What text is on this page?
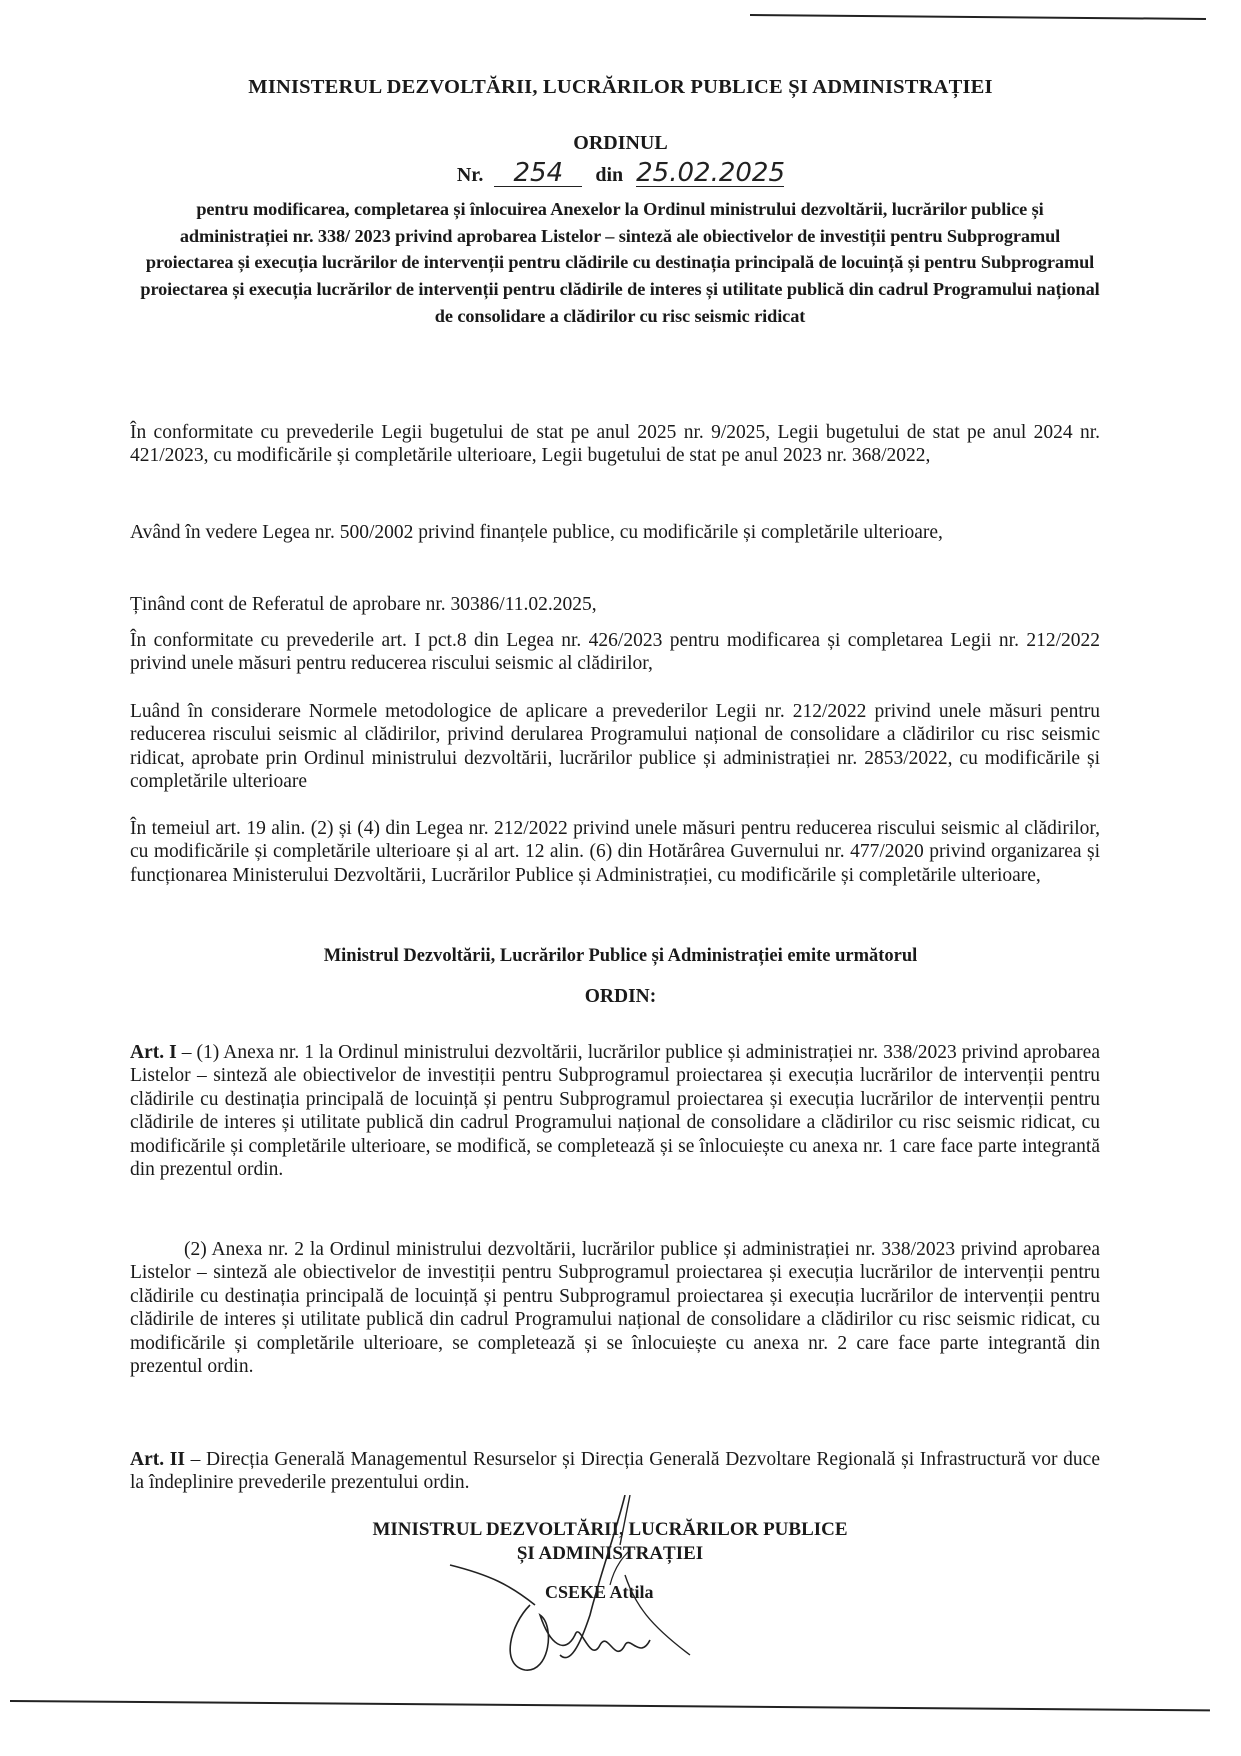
MINISTERUL DEZVOLTĂRII, LUCRĂRILOR PUBLICE ȘI ADMINISTRAȚIEI
ORDINUL
Nr. 254 din 25.02.2025
pentru modificarea, completarea și înlocuirea Anexelor la Ordinul ministrului dezvoltării, lucrărilor publice și administrației nr. 338/ 2023 privind aprobarea Listelor – sinteză ale obiectivelor de investiții pentru Subprogramul proiectarea și execuția lucrărilor de intervenții pentru clădirile cu destinația principală de locuință și pentru Subprogramul proiectarea și execuția lucrărilor de intervenții pentru clădirile de interes și utilitate publică din cadrul Programului național de consolidare a clădirilor cu risc seismic ridicat
În conformitate cu prevederile Legii bugetului de stat pe anul 2025 nr. 9/2025, Legii bugetului de stat pe anul 2024 nr. 421/2023, cu modificările și completările ulterioare, Legii bugetului de stat pe anul 2023 nr. 368/2022,
Având în vedere Legea nr. 500/2002 privind finanțele publice, cu modificările și completările ulterioare,
Ținând cont de Referatul de aprobare nr. 30386/11.02.2025,
În conformitate cu prevederile art. I pct.8 din Legea nr. 426/2023 pentru modificarea și completarea Legii nr. 212/2022 privind unele măsuri pentru reducerea riscului seismic al clădirilor,
Luând în considerare Normele metodologice de aplicare a prevederilor Legii nr. 212/2022 privind unele măsuri pentru reducerea riscului seismic al clădirilor, privind derularea Programului național de consolidare a clădirilor cu risc seismic ridicat, aprobate prin Ordinul ministrului dezvoltării, lucrărilor publice și administrației nr. 2853/2022, cu modificările și completările ulterioare
În temeiul art. 19 alin. (2) și (4) din Legea nr. 212/2022 privind unele măsuri pentru reducerea riscului seismic al clădirilor, cu modificările și completările ulterioare și al art. 12 alin. (6) din Hotărârea Guvernului nr. 477/2020 privind organizarea și funcționarea Ministerului Dezvoltării, Lucrărilor Publice și Administrației, cu modificările și completările ulterioare,
Ministrul Dezvoltării, Lucrărilor Publice și Administrației emite următorul
ORDIN:
Art. I – (1) Anexa nr. 1 la Ordinul ministrului dezvoltării, lucrărilor publice și administrației nr. 338/2023 privind aprobarea Listelor – sinteză ale obiectivelor de investiții pentru Subprogramul proiectarea și execuția lucrărilor de intervenții pentru clădirile cu destinația principală de locuință și pentru Subprogramul proiectarea și execuția lucrărilor de intervenții pentru clădirile de interes și utilitate publică din cadrul Programului național de consolidare a clădirilor cu risc seismic ridicat, cu modificările și completările ulterioare, se modifică, se completează și se înlocuiește cu anexa nr. 1 care face parte integrantă din prezentul ordin.
(2) Anexa nr. 2 la Ordinul ministrului dezvoltării, lucrărilor publice și administrației nr. 338/2023 privind aprobarea Listelor – sinteză ale obiectivelor de investiții pentru Subprogramul proiectarea și execuția lucrărilor de intervenții pentru clădirile cu destinația principală de locuință și pentru Subprogramul proiectarea și execuția lucrărilor de intervenții pentru clădirile de interes și utilitate publică din cadrul Programului național de consolidare a clădirilor cu risc seismic ridicat, cu modificările și completările ulterioare, se completează și se înlocuiește cu anexa nr. 2 care face parte integrantă din prezentul ordin.
Art. II – Direcția Generală Managementul Resurselor și Direcția Generală Dezvoltare Regională și Infrastructură vor duce la îndeplinire prevederile prezentului ordin.
MINISTRUL DEZVOLTĂRII, LUCRĂRILOR PUBLICE
ȘI ADMINISTRAȚIEI
CSEKE Attila
